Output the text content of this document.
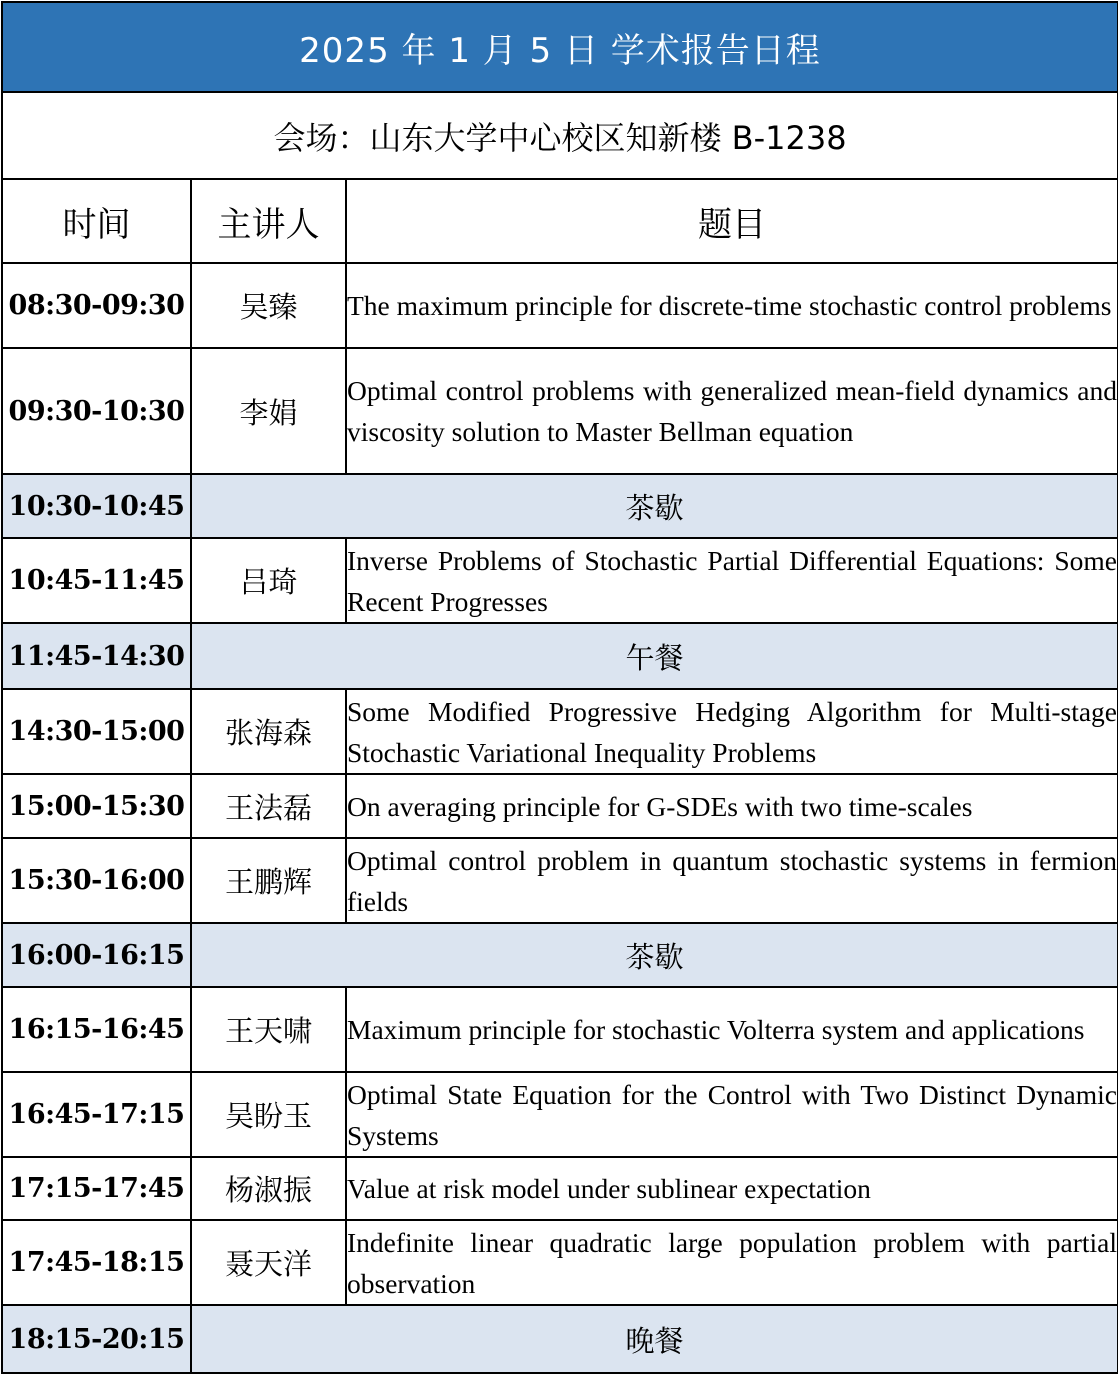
2025 年 1 月 5 日 学术报告日程		
会场：山东大学中心校区知新楼 B-1238		
时间	主讲人	题目
08:30-09:30	吴臻	The maximum principle for discrete-time stochastic control problems
09:30-10:30	李娟	Optimal control problems with generalized mean-field dynamics and viscosity solution to Master Bellman equation
10:30-10:45	茶歇	
10:45-11:45	吕琦	Inverse Problems of Stochastic Partial Differential Equations: Some Recent Progresses
11:45-14:30	午餐	
14:30-15:00	张海森	Some Modified Progressive Hedging Algorithm for Multi-stage Stochastic Variational Inequality Problems
15:00-15:30	王法磊	On averaging principle for G-SDEs with two time-scales
15:30-16:00	王鹏辉	Optimal control problem in quantum stochastic systems in fermion fields
16:00-16:15	茶歇	
16:15-16:45	王天啸	Maximum principle for stochastic Volterra system and applications
16:45-17:15	吴盼玉	Optimal State Equation for the Control with Two Distinct Dynamic Systems
17:15-17:45	杨淑振	Value at risk model under sublinear expectation
17:45-18:15	聂天洋	Indefinite linear quadratic large population problem with partial observation
18:15-20:15	晚餐	
